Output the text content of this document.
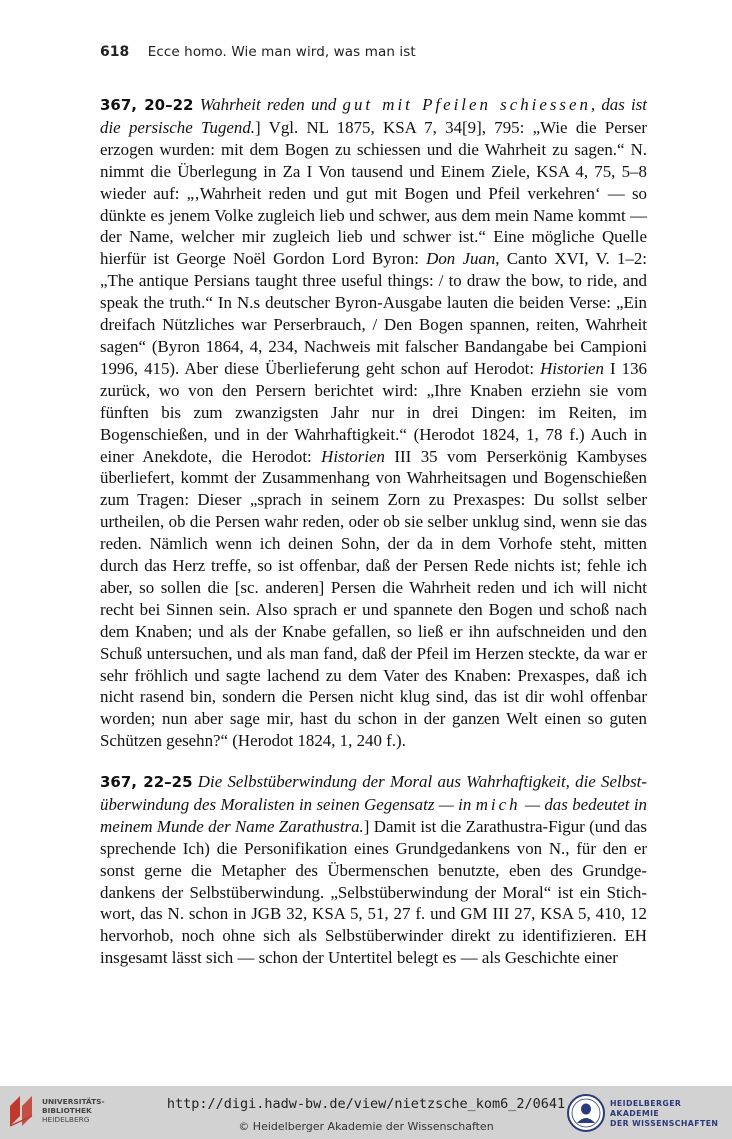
618 Ecce homo. Wie man wird, was man ist

367, 20–22 Wahrheit reden und gut mit Pfeilen schiessen, das ist die persische Tugend.] Vgl. NL 1875, KSA 7, 34[9], 795: „Wie die Perser erzogen wurden: mit dem Bogen zu schiessen und die Wahrheit zu sagen.“ N. nimmt die Überlegung in Za I Von tausend und Einem Ziele, KSA 4, 75, 5–8 wieder auf: „‚Wahrheit reden und gut mit Bogen und Pfeil verkehren‘ — so dünkte es jenem Volke zugleich lieb und schwer, aus dem mein Name kommt — der Name, welcher mir zugleich lieb und schwer ist.“ Eine mögliche Quelle hierfür ist George Noël Gordon Lord Byron: Don Juan, Canto XVI, V. 1–2: „The antique Persians taught three useful things: / to draw the bow, to ride, and speak the truth.“ In N.s deutscher Byron-Ausgabe lauten die beiden Verse: „Ein dreifach Nützliches war Perserbrauch, / Den Bogen spannen, reiten, Wahrheit sagen“ (Byron 1864, 4, 234, Nachweis mit falscher Bandangabe bei Campioni 1996, 415). Aber diese Überlieferung geht schon auf Herodot: Historien I 136 zurück, wo von den Persern berichtet wird: „Ihre Knaben erziehn sie vom fünften bis zum zwanzigsten Jahr nur in drei Dingen: im Reiten, im Bogenschießen, und in der Wahrhaftigkeit.“ (Herodot 1824, 1, 78 f.) Auch in einer Anekdote, die Herodot: Historien III 35 vom Perserkönig Kambyses überliefert, kommt der Zusammenhang von Wahrheitsagen und Bogenschießen zum Tragen: Dieser „sprach in seinem Zorn zu Prexaspes: Du sollst selber urtheilen, ob die Persen wahr reden, oder ob sie selber unklug sind, wenn sie das reden. Nämlich wenn ich deinen Sohn, der da in dem Vorhofe steht, mitten durch das Herz treffe, so ist offenbar, daß der Persen Rede nichts ist; fehle ich aber, so sollen die [sc. anderen] Persen die Wahrheit reden und ich will nicht recht bei Sinnen sein. Also sprach er und spannete den Bogen und schoß nach dem Knaben; und als der Knabe gefallen, so ließ er ihn aufschneiden und den Schuß untersuchen, und als man fand, daß der Pfeil im Herzen steckte, da war er sehr fröhlich und sagte lachend zu dem Vater des Knaben: Prexaspes, daß ich nicht rasend bin, sondern die Persen nicht klug sind, das ist dir wohl offenbar worden; nun aber sage mir, hast du schon in der ganzen Welt einen so guten Schützen gesehn?“ (Herodot 1824, 1, 240 f.).

367, 22–25 Die Selbstüberwindung der Moral aus Wahrhaftigkeit, die Selbstüberwindung des Moralisten in seinen Gegensatz — in mich — das bedeutet in meinem Munde der Name Zarathustra.] Damit ist die Zarathustra-Figur (und das sprechende Ich) die Personifikation eines Grundgedankens von N., für den er sonst gerne die Metapher des Übermenschen benutzte, eben des Grundgedankens der Selbstüberwindung. „Selbstüberwindung der Moral“ ist ein Stichwort, das N. schon in JGB 32, KSA 5, 51, 27 f. und GM III 27, KSA 5, 410, 12 hervorhob, noch ohne sich als Selbstüberwinder direkt zu identifizieren. EH insgesamt lässt sich — schon der Untertitel belegt es — als Geschichte einer

UNIVERSITÄTS-
BIBLIOTHEK
HEIDELBERG
http://digi.hadw-bw.de/view/nietzsche_kom6_2/0641
© Heidelberger Akademie der Wissenschaften
HEIDELBERGER AKADEMIE
DER WISSENSCHAFTEN
